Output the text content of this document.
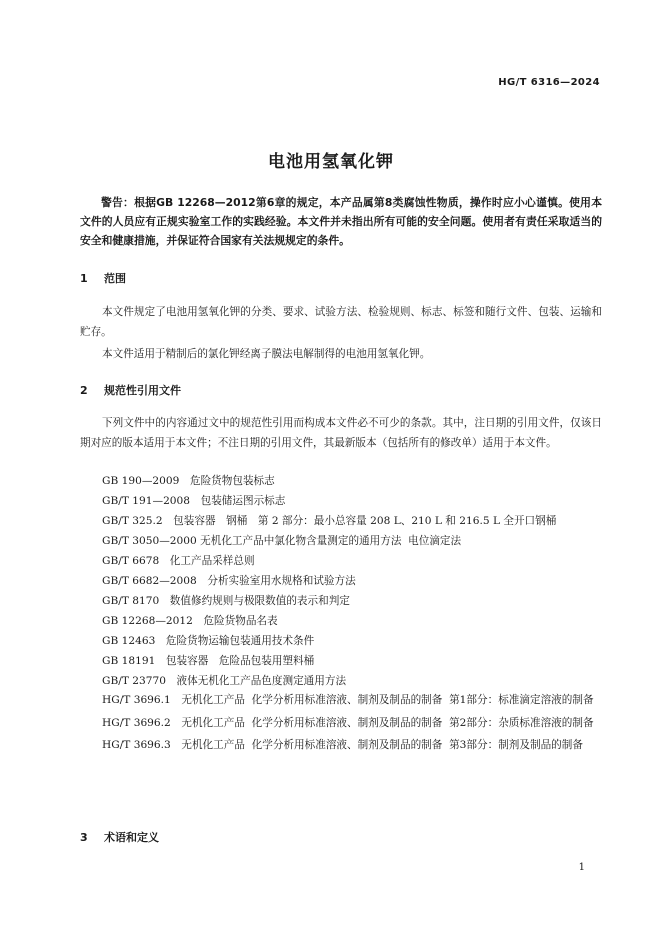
HG/T 6316—2024
电池用氢氧化钾
警告：根据GB 12268—2012第6章的规定，本产品属第8类腐蚀性物质，操作时应小心谨慎。使用本文件的人员应有正规实验室工作的实践经验。本文件并未指出所有可能的安全问题。使用者有责任采取适当的安全和健康措施，并保证符合国家有关法规规定的条件。
1 范围
本文件规定了电池用氢氧化钾的分类、要求、试验方法、检验规则、标志、标签和随行文件、包装、运输和贮存。
本文件适用于精制后的氯化钾经离子膜法电解制得的电池用氢氧化钾。
2 规范性引用文件
下列文件中的内容通过文中的规范性引用而构成本文件必不可少的条款。其中，注日期的引用文件，仅该日期对应的版本适用于本文件；不注日期的引用文件，其最新版本（包括所有的修改单）适用于本文件。
GB 190—2009　危险货物包装标志
GB/T 191—2008　包装储运图示标志
GB/T 325.2　包装容器　钢桶　第 2 部分：最小总容量 208 L、210 L 和 216.5 L 全开口钢桶
GB/T 3050—2000 无机化工产品中氯化物含量测定的通用方法  电位滴定法
GB/T 6678　化工产品采样总则
GB/T 6682—2008　分析实验室用水规格和试验方法
GB/T 8170　数值修约规则与极限数值的表示和判定
GB 12268—2012　危险货物品名表
GB 12463　危险货物运输包装通用技术条件
GB 18191　包装容器　危险品包装用塑料桶
GB/T 23770　液体无机化工产品色度测定通用方法
HG/T 3696.1　无机化工产品  化学分析用标准溶液、制剂及制品的制备  第1部分：标准滴定溶液的制备
HG/T 3696.2　无机化工产品  化学分析用标准溶液、制剂及制品的制备  第2部分：杂质标准溶液的制备
HG/T 3696.3　无机化工产品  化学分析用标准溶液、制剂及制品的制备  第3部分：制剂及制品的制备
3 术语和定义
1
